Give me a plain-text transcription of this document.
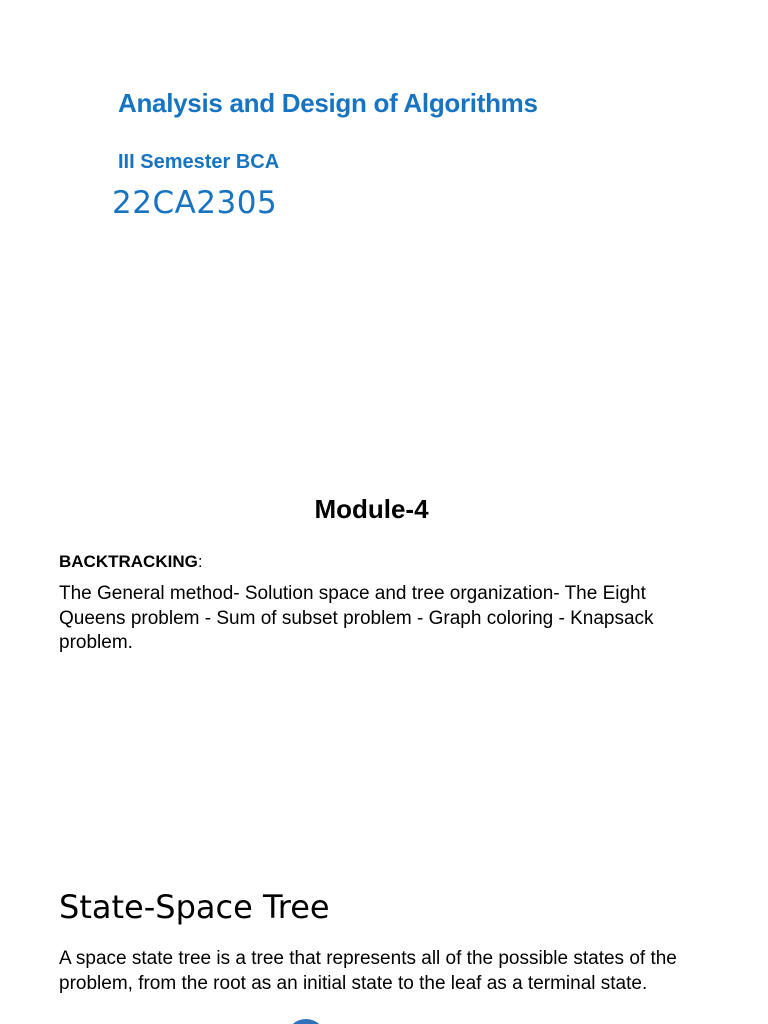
Analysis and Design of Algorithms
III Semester BCA
22CA2305
Module-4
BACKTRACKING:
The General method- Solution space and tree organization- The Eight Queens problem - Sum of subset problem - Graph coloring - Knapsack problem.
State-Space Tree
A space state tree is a tree that represents all of the possible states of the problem, from the root as an initial state to the leaf as a terminal state.
